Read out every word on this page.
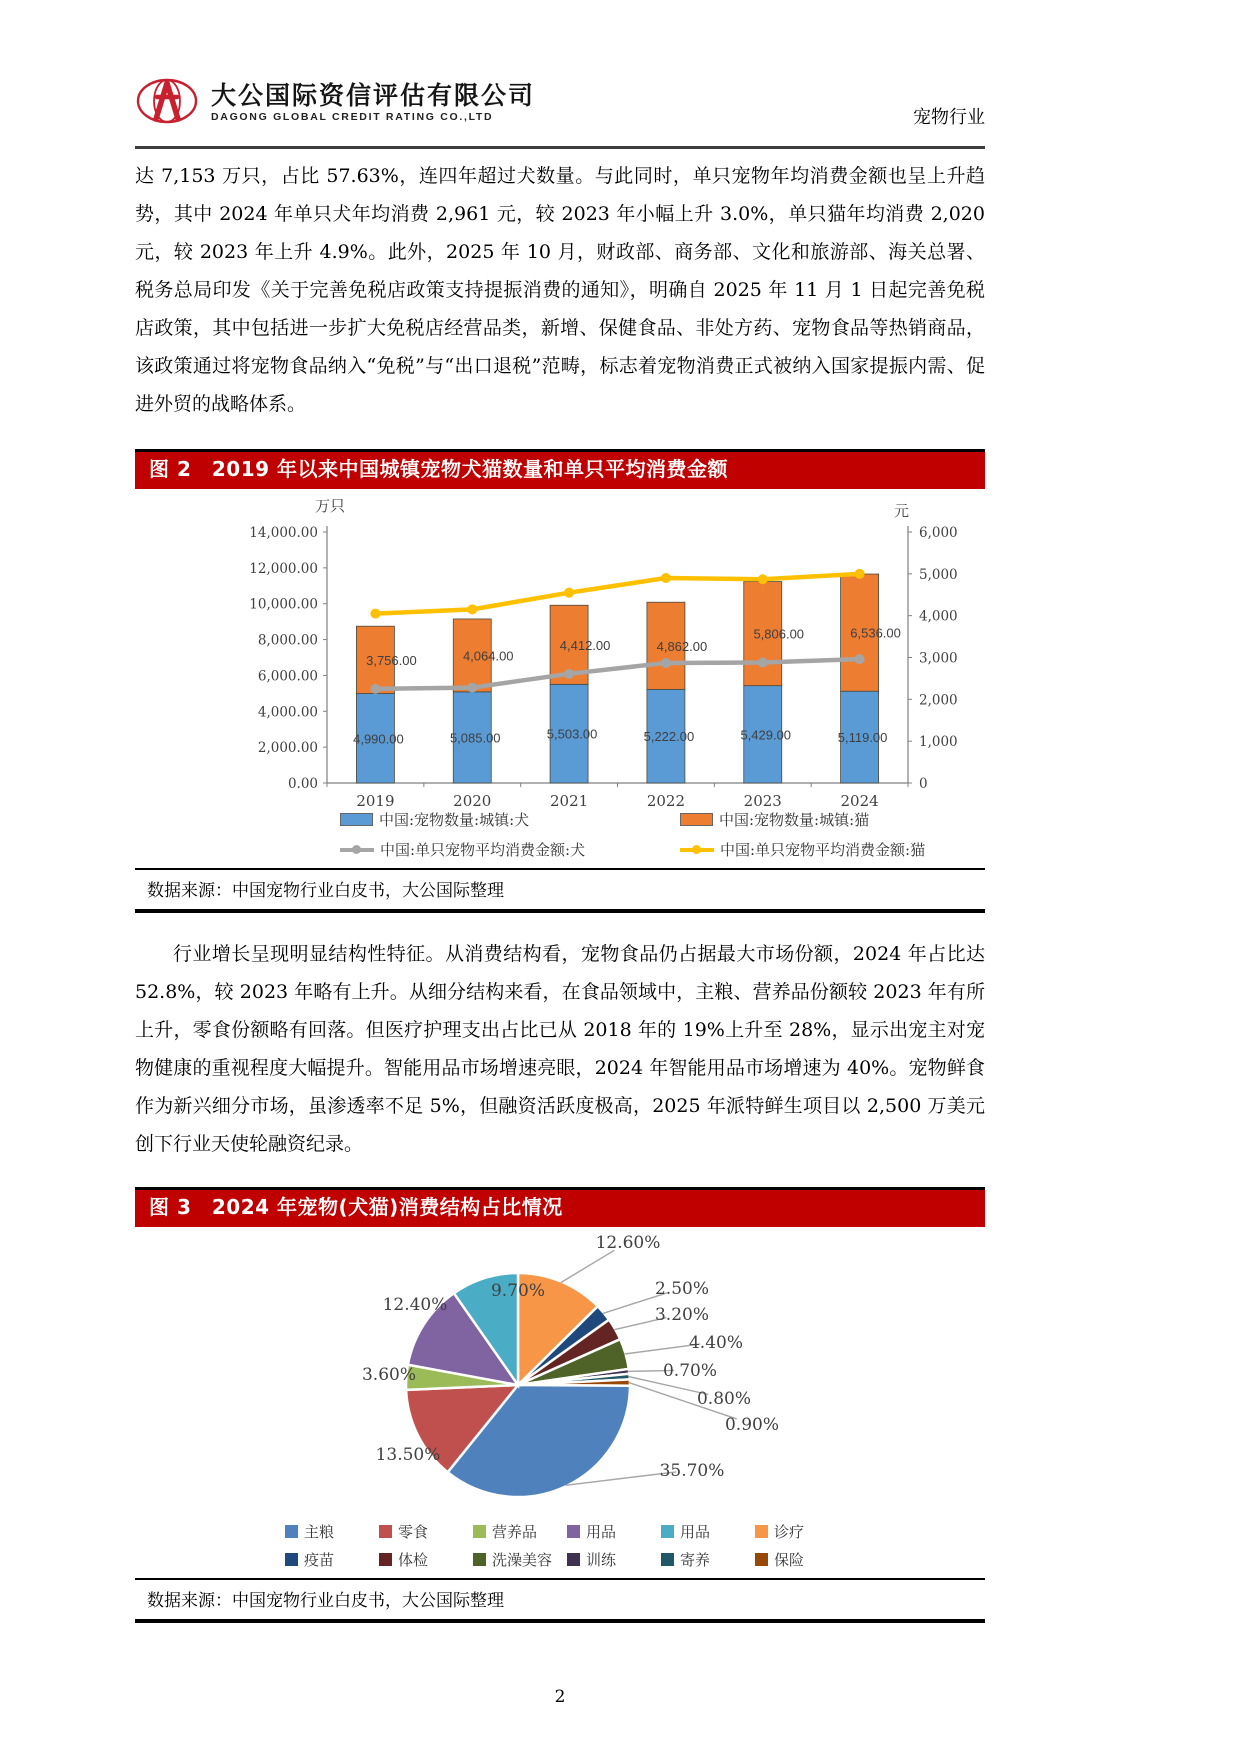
大公国际资信评估有限公司
DAGONG GLOBAL CREDIT RATING CO.,LTD	宠物行业

达 7,153 万只，占比 57.63%，连四年超过犬数量。与此同时，单只宠物年均消费金额也呈上升趋势，其中 2024 年单只犬年均消费 2,961 元，较 2023 年小幅上升 3.0%，单只猫年均消费 2,020 元，较 2023 年上升 4.9%。此外，2025 年 10 月，财政部、商务部、文化和旅游部、海关总署、税务总局印发《关于完善免税店政策支持提振消费的通知》，明确自 2025 年 11 月 1 日起完善免税店政策，其中包括进一步扩大免税店经营品类，新增、保健食品、非处方药、宠物食品等热销商品，该政策通过将宠物食品纳入“免税”与“出口退税”范畴，标志着宠物消费正式被纳入国家提振内需、促进外贸的战略体系。

图 2　2019 年以来中国城镇宠物犬猫数量和单只平均消费金额
0.00
2,000.00
4,000.00
6,000.00
8,000.00
10,000.00
12,000.00
14,000.00
0
1,000
2,000
3,000
4,000
5,000
6,000
万只	元
4,990.00
3,756.00
2019
5,085.00
4,064.00
2020
5,503.00
4,412.00
2021
5,222.00
4,862.00
2022
5,429.00
5,806.00
2023
5,119.00
6,536.00
2024
中国:宠物数量:城镇:犬	中国:宠物数量:城镇:猫
中国:单只宠物平均消费金额:犬	中国:单只宠物平均消费金额:猫
数据来源：中国宠物行业白皮书，大公国际整理

行业增长呈现明显结构性特征。从消费结构看，宠物食品仍占据最大市场份额，2024 年占比达 52.8%，较 2023 年略有上升。从细分结构来看，在食品领域中，主粮、营养品份额较 2023 年有所上升，零食份额略有回落。但医疗护理支出占比已从 2018 年的 19%上升至 28%，显示出宠主对宠物健康的重视程度大幅提升。智能用品市场增速亮眼，2024 年智能用品市场增速为 40%。宠物鲜食作为新兴细分市场，虽渗透率不足 5%，但融资活跃度极高，2025 年派特鲜生项目以 2,500 万美元创下行业天使轮融资纪录。

图 3　2024 年宠物(犬猫)消费结构占比情况
12.60%
2.50%
3.20%
4.40%
0.70%
0.80%
0.90%
35.70%
13.50%
3.60%
12.40%
9.70%
主粮	零食	营养品	用品	用品	诊疗
疫苗	体检	洗澡美容 训练	寄养	保险
数据来源：中国宠物行业白皮书，大公国际整理
2
